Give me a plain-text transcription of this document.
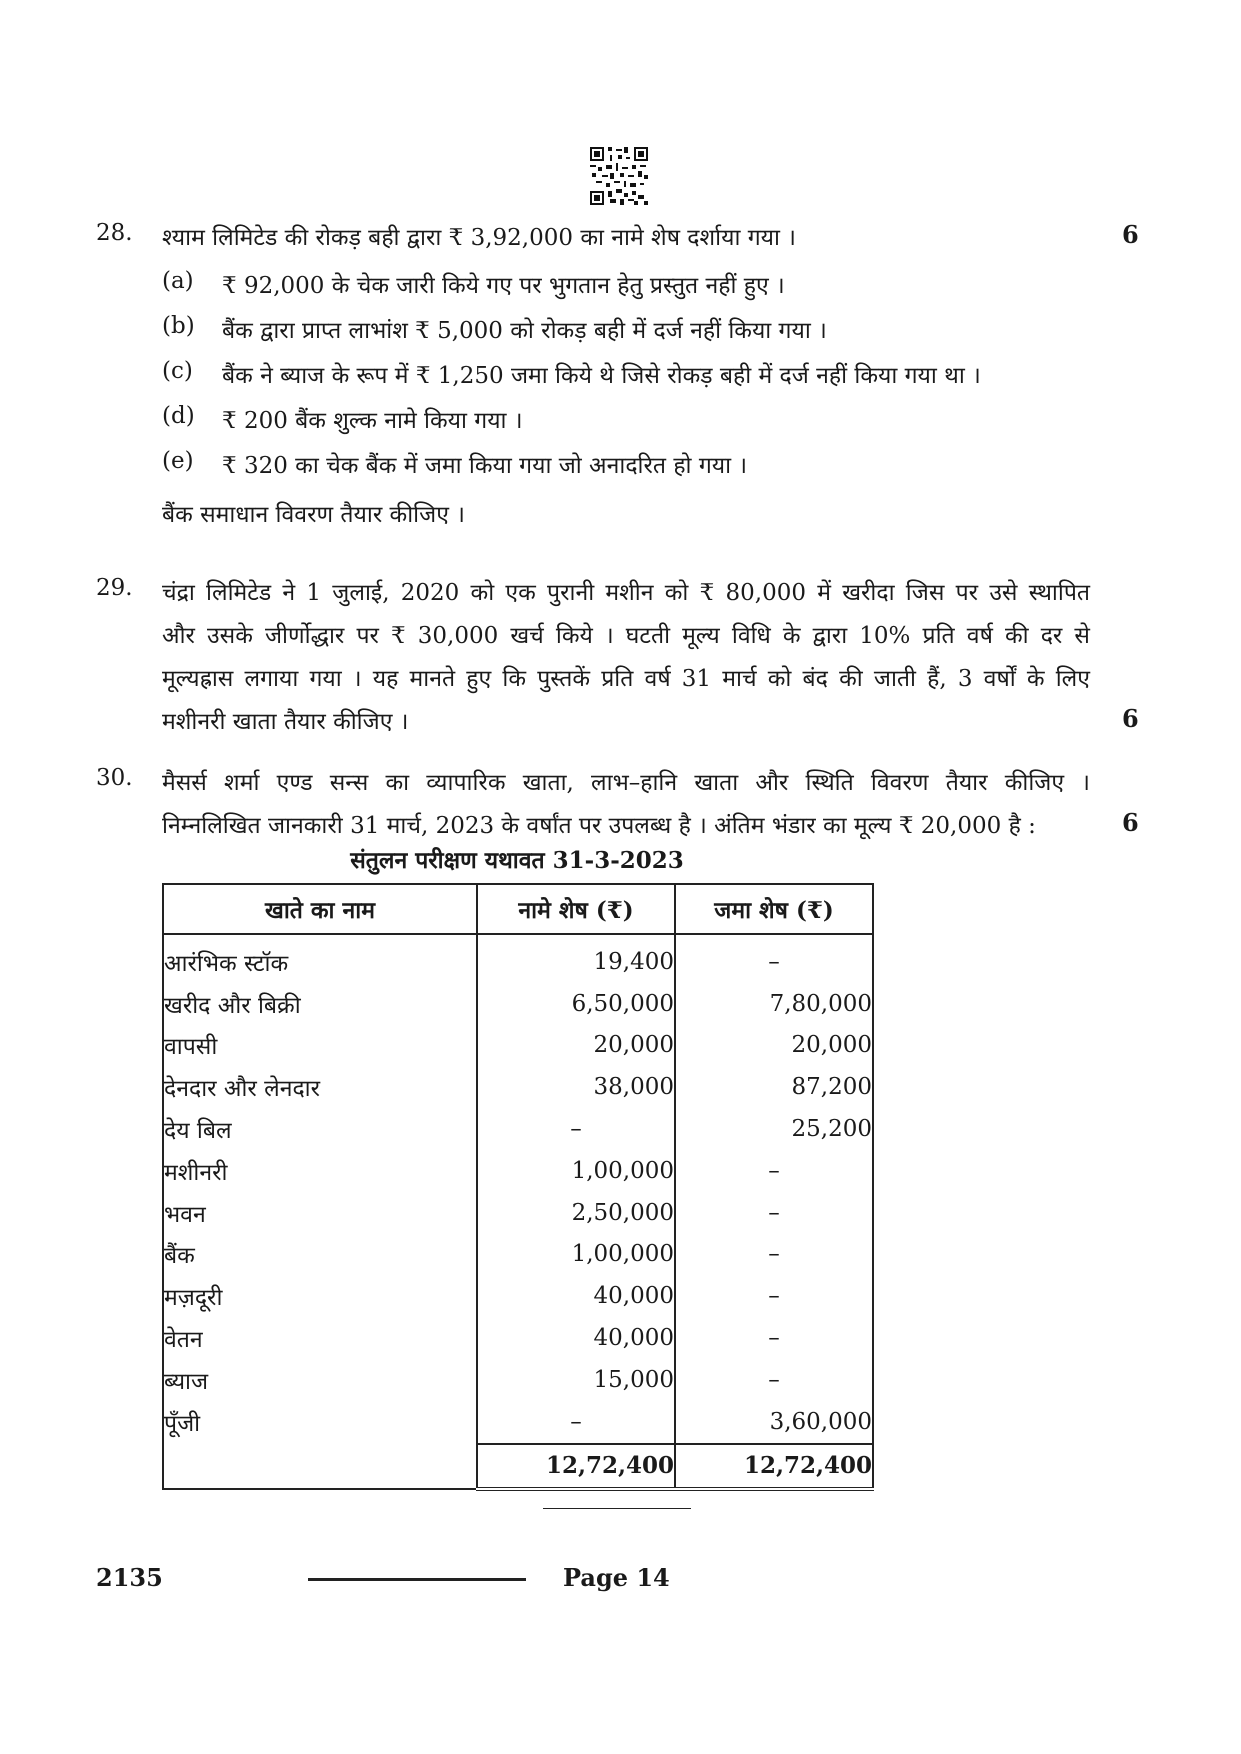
28. श्याम लिमिटेड की रोकड़ बही द्वारा ₹ 3,92,000 का नामे शेष दर्शाया गया ।	6
(a) ₹ 92,000 के चेक जारी किये गए पर भुगतान हेतु प्रस्तुत नहीं हुए ।
(b) बैंक द्वारा प्राप्त लाभांश ₹ 5,000 को रोकड़ बही में दर्ज नहीं किया गया ।
(c) बैंक ने ब्याज के रूप में ₹ 1,250 जमा किये थे जिसे रोकड़ बही में दर्ज नहीं किया गया था ।
(d) ₹ 200 बैंक शुल्क नामे किया गया ।
(e) ₹ 320 का चेक बैंक में जमा किया गया जो अनादरित हो गया ।
बैंक समाधान विवरण तैयार कीजिए ।
29. चंद्रा लिमिटेड ने 1 जुलाई, 2020 को एक पुरानी मशीन को ₹ 80,000 में खरीदा जिस पर उसे स्थापित
और उसके जीर्णोद्धार पर ₹ 30,000 खर्च किये । घटती मूल्य विधि के द्वारा 10% प्रति वर्ष की दर से
मूल्यह्रास लगाया गया । यह मानते हुए कि पुस्तकें प्रति वर्ष 31 मार्च को बंद की जाती हैं, 3 वर्षों के लिए
मशीनरी खाता तैयार कीजिए ।	6
30. मैसर्स शर्मा एण्ड सन्स का व्यापारिक खाता, लाभ–हानि खाता और स्थिति विवरण तैयार कीजिए ।
निम्नलिखित जानकारी 31 मार्च, 2023 के वर्षांत पर उपलब्ध है । अंतिम भंडार का मूल्य ₹ 20,000 है :	6
संतुलन परीक्षण यथावत 31-3-2023
खाते का नाम	नामे शेष (₹)	जमा शेष (₹)
आरंभिक स्टॉक	19,400	–
खरीद और बिक्री	6,50,000	7,80,000
वापसी	20,000	20,000
देनदार और लेनदार	38,000	87,200
देय बिल	–	25,200
मशीनरी	1,00,000	–
भवन	2,50,000	–
बैंक	1,00,000	–
मज़दूरी	40,000	–
वेतन	40,000	–
ब्याज	15,000	–
पूँजी	–	3,60,000
	12,72,400	12,72,400
2135	Page 14
